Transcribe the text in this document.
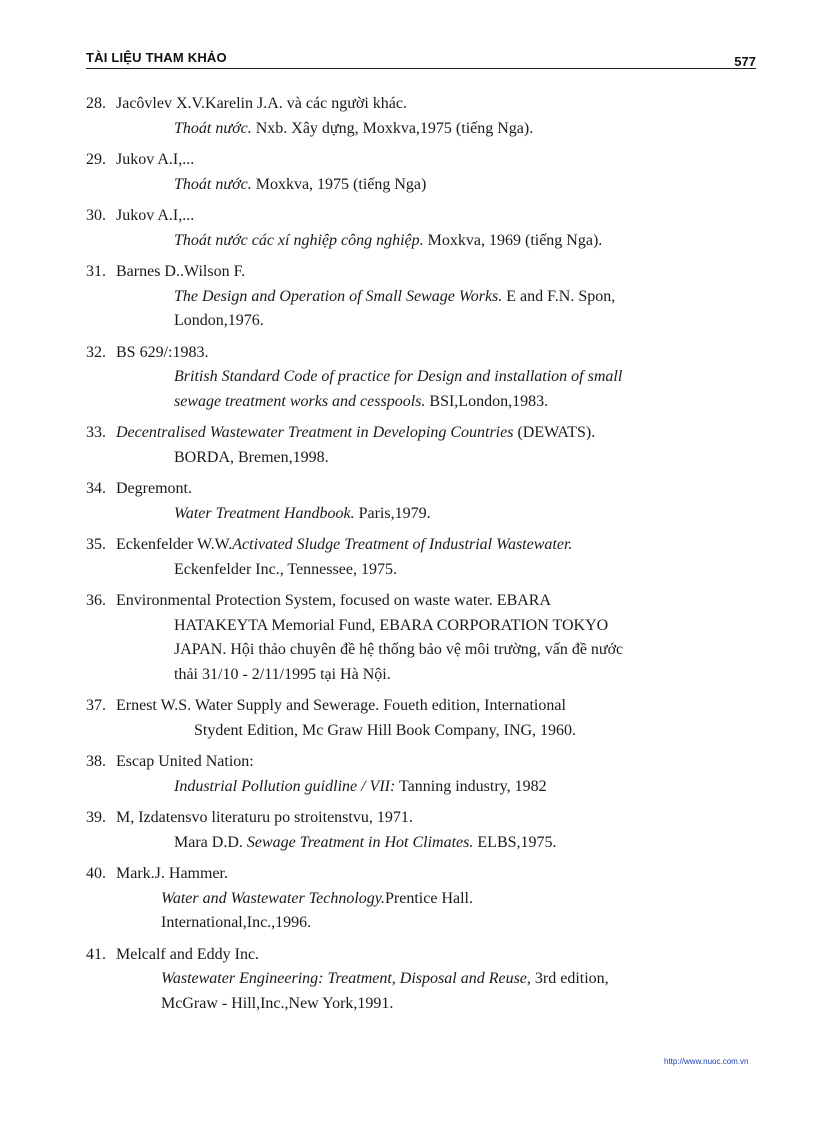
TÀI LIỆU THAM KHẢO	577
28. Jacôvlev X.V.Karelin J.A. và các người khác.
Thoát nước. Nxb. Xây dựng, Moxkva,1975 (tiếng Nga).
29. Jukov A.I,...
Thoát nước. Moxkva, 1975 (tiếng Nga)
30. Jukov A.I,...
Thoát nước các xí nghiệp công nghiệp. Moxkva, 1969 (tiếng Nga).
31. Barnes D..Wilson F.
The Design and Operation of Small Sewage Works. E and F.N. Spon,
London,1976.
32. BS 629/:1983.
British Standard Code of practice for Design and installation of small
sewage treatment works and cesspools. BSI,London,1983.
33. Decentralised Wastewater Treatment in Developing Countries (DEWATS).
BORDA, Bremen,1998.
34. Degremont.
Water Treatment Handbook. Paris,1979.
35. Eckenfelder W.W.Activated Sludge Treatment of Industrial Wastewater.
Eckenfelder Inc., Tennessee, 1975.
36. Environmental Protection System, focused on waste water. EBARA
HATAKEYTA Memorial Fund, EBARA CORPORATION TOKYO
JAPAN. Hội thảo chuyên đề hệ thống bảo vệ môi trường, vấn đề nước
thải 31/10 - 2/11/1995 tại Hà Nội.
37. Ernest W.S. Water Supply and Sewerage. Foueth edition, International
Stydent Edition, Mc Graw Hill Book Company, ING, 1960.
38. Escap United Nation:
Industrial Pollution guidline / VII: Tanning industry, 1982
39. M, Izdatensvo literaturu po stroitenstvu, 1971.
Mara D.D. Sewage Treatment in Hot Climates. ELBS,1975.
40. Mark.J. Hammer.
Water and Wastewater Technology.Prentice Hall.
International,Inc.,1996.
41. Melcalf and Eddy Inc.
Wastewater Engineering: Treatment, Disposal and Reuse, 3rd edition,
McGraw - Hill,Inc.,New York,1991.
http://www.nuoc.com.vn
